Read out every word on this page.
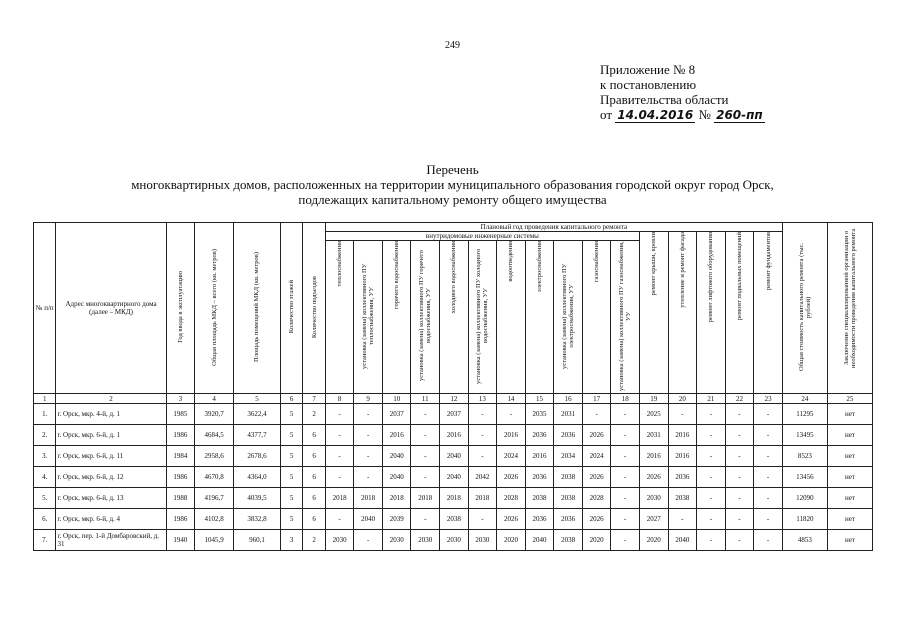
249
Приложение № 8
к постановлению
Правительства области
от 14.04.2016 № 260-пп
Перечень
многоквартирных домов, расположенных на территории муниципального образования городской округ город Орск,
подлежащих капитальному ремонту общего имущества
№ п/п	Адрес многоквартирного дома (далее – МКД)	Год ввода в эксплуатацию	Общая площадь МКД – всего (кв. метров)	Площадь помещений МКД (кв. метров)	Количество этажей	Количество подъездов	Плановый год проведения капитального ремонта																Общая стоимость капитального ремонта (тыс. рублей)	Заключение специализированной организации о необходимости проведения капитального ремонта
							внутридомовые инженерные системы											ремонт крыши, кровли	утепление и ремонт фасада	ремонт лифтового оборудования	ремонт подвальных помещений	ремонт фундаментов		
							теплоснабжения	установка (замена) коллективного ПУ теплоснабжения, УУ	горячего водоснабжения	установка (замена) коллективного ПУ горячего водоснабжения, УУ	холодного водоснабжения	установка (замена) коллективного ПУ холодного водоснабжения, УУ	водоотведения	электроснабжения	установка (замена) коллективного ПУ электроснабжения, УУ	газоснабжения	установка (замена) коллективного ПУ газоснабжения, УУ							
1	2	3	4	5	6	7	8	9	10	11	12	13	14	15	16	17	18	19	20	21	22	23	24	25
1.	г. Орск, мкр. 4-й, д. 1	1985	3920,7	3622,4	5	2	-	-	2037	-	2037	-	-	2035	2031	-	-	2025	-	-	-	-	11295	нет
2.	г. Орск, мкр. 6-й, д. 1	1986	4684,5	4377,7	5	6	-	-	2016	-	2016	-	2016	2036	2036	2026	-	2031	2016	-	-	-	13495	нет
3.	г. Орск, мкр. 6-й, д. 11	1984	2958,6	2678,6	5	6	-	-	2040	-	2040	-	2024	2016	2034	2024	-	2016	2016	-	-	-	8523	нет
4.	г. Орск, мкр. 6-й, д. 12	1986	4670,8	4364,0	5	6	-	-	2040	-	2040	2042	2026	2036	2038	2026	-	2026	2036	-	-	-	13456	нет
5.	г. Орск, мкр. 6-й, д. 13	1988	4196,7	4039,5	5	6	2018	2018	2018	2018	2018	2018	2028	2038	2038	2028	-	2030	2038	-	-	-	12090	нет
6.	г. Орск, мкр. 6-й, д. 4	1986	4102,8	3832,8	5	6	-	2040	2039	-	2038	-	2026	2036	2036	2026	-	2027	-	-	-	-	11820	нет
7.	г. Орск, пер. 1-й Домбаровский, д. 31	1940	1045,9	960,1	3	2	2030	-	2030	2030	2030	2030	2020	2040	2038	2020	-	2020	2040	-	-	-	4853	нет
